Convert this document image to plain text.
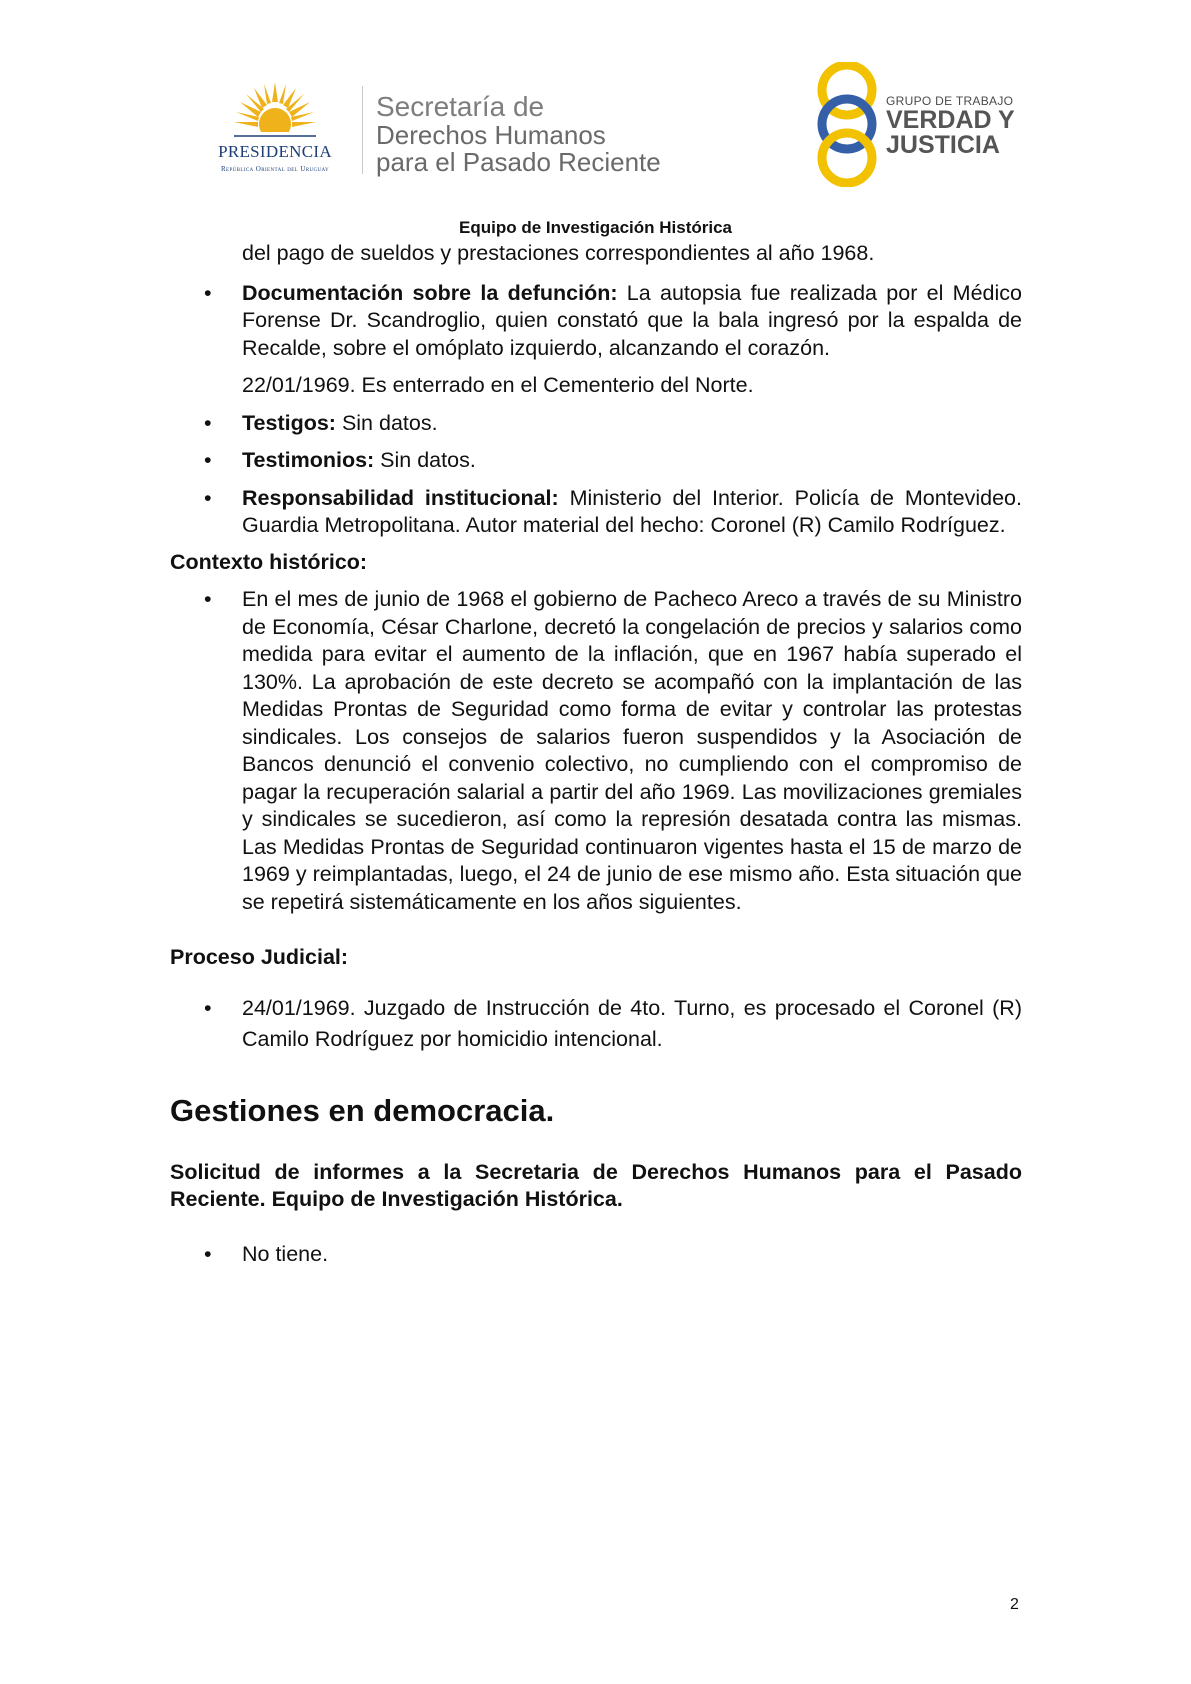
PRESIDENCIA
República Oriental del Uruguay
Secretaría de
Derechos Humanos
para el Pasado Reciente
GRUPO DE TRABAJO
VERDAD Y
JUSTICIA
Equipo de Investigación Histórica

del pago de sueldos y prestaciones correspondientes al año 1968.

• Documentación sobre la defunción: La autopsia fue realizada por el Médico Forense Dr. Scandroglio, quien constató que la bala ingresó por la espalda de Recalde, sobre el omóplato izquierdo, alcanzando el corazón.

22/01/1969. Es enterrado en el Cementerio del Norte.

• Testigos: Sin datos.

• Testimonios: Sin datos.

• Responsabilidad institucional: Ministerio del Interior. Policía de Montevideo. Guardia Metropolitana. Autor material del hecho: Coronel (R) Camilo Rodríguez.

Contexto histórico:

• En el mes de junio de 1968 el gobierno de Pacheco Areco a través de su Ministro de Economía, César Charlone, decretó la congelación de precios y salarios como medida para evitar el aumento de la inflación, que en 1967 había superado el 130%. La aprobación de este decreto se acompañó con la implantación de las Medidas Prontas de Seguridad como forma de evitar y controlar las protestas sindicales. Los consejos de salarios fueron suspendidos y la Asociación de Bancos denunció el convenio colectivo, no cumpliendo con el compromiso de pagar la recuperación salarial a partir del año 1969. Las movilizaciones gremiales y sindicales se sucedieron, así como la represión desatada contra las mismas. Las Medidas Prontas de Seguridad continuaron vigentes hasta el 15 de marzo de 1969 y reimplantadas, luego, el 24 de junio de ese mismo año. Esta situación que se repetirá sistemáticamente en los años siguientes.

Proceso Judicial:

• 24/01/1969. Juzgado de Instrucción de 4to. Turno, es procesado el Coronel (R) Camilo Rodríguez por homicidio intencional.

Gestiones en democracia.

Solicitud de informes a la Secretaria de Derechos Humanos para el Pasado Reciente. Equipo de Investigación Histórica.

• No tiene.

2
